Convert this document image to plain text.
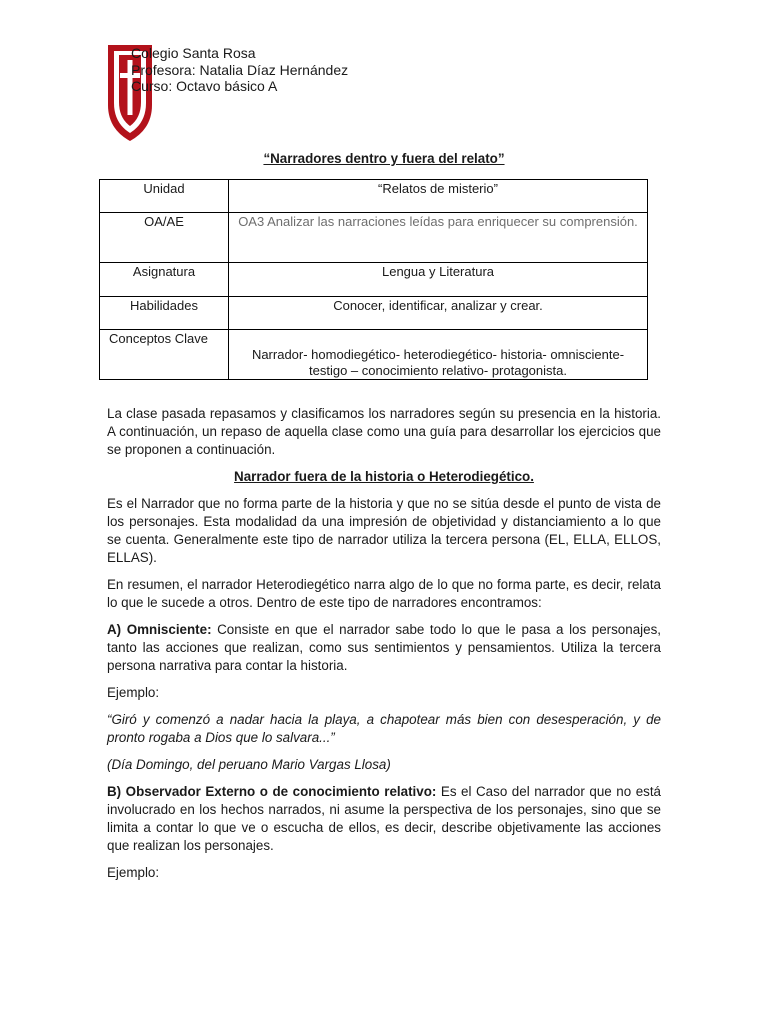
Colegio Santa Rosa
Profesora: Natalia Díaz Hernández
Curso: Octavo básico A
“Narradores dentro y fuera del relato”
Unidad	“Relatos de misterio”
OA/AE	OA3 Analizar las narraciones leídas para enriquecer su comprensión.
Asignatura	Lengua y Literatura
Habilidades	Conocer, identificar, analizar y crear.
Conceptos Clave	Narrador- homodiegético- heterodiegético- historia- omnisciente- testigo – conocimiento relativo- protagonista.

La clase pasada repasamos y clasificamos los narradores según su presencia en la historia. A continuación, un repaso de aquella clase como una guía para desarrollar los ejercicios que se proponen a continuación.

Narrador fuera de la historia o Heterodiegético.

Es el Narrador que no forma parte de la historia y que no se sitúa desde el punto de vista de los personajes. Esta modalidad da una impresión de objetividad y distanciamiento a lo que se cuenta. Generalmente este tipo de narrador utiliza la tercera persona (EL, ELLA, ELLOS, ELLAS).

En resumen, el narrador Heterodiegético narra algo de lo que no forma parte, es decir, relata lo que le sucede a otros. Dentro de este tipo de narradores encontramos:

A) Omnisciente: Consiste en que el narrador sabe todo lo que le pasa a los personajes, tanto las acciones que realizan, como sus sentimientos y pensamientos. Utiliza la tercera persona narrativa para contar la historia.

Ejemplo:

“Giró y comenzó a nadar hacia la playa, a chapotear más bien con desesperación, y de pronto rogaba a Dios que lo salvara...”

(Día Domingo, del peruano Mario Vargas Llosa)

B) Observador Externo o de conocimiento relativo: Es el Caso del narrador que no está involucrado en los hechos narrados, ni asume la perspectiva de los personajes, sino que se limita a contar lo que ve o escucha de ellos, es decir, describe objetivamente las acciones que realizan los personajes.

Ejemplo:
